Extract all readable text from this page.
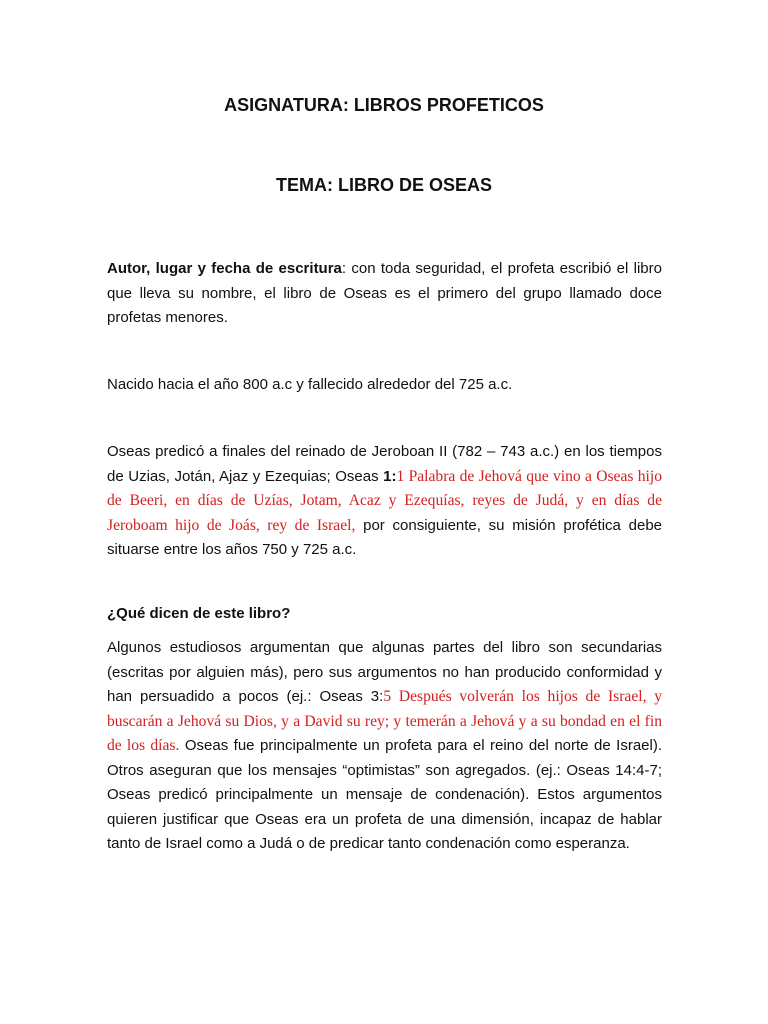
ASIGNATURA: LIBROS PROFETICOS
TEMA: LIBRO DE OSEAS
Autor, lugar y fecha de escritura: con toda seguridad, el profeta escribió el libro que lleva su nombre, el libro de Oseas es el primero del grupo llamado doce profetas menores.
Nacido hacia el año 800 a.c y fallecido alrededor del 725 a.c.
Oseas predicó a finales del reinado de Jeroboan II (782 – 743 a.c.) en los tiempos de Uzias, Jotán, Ajaz y Ezequias; Oseas 1:1 Palabra de Jehová que vino a Oseas hijo de Beeri, en días de Uzías, Jotam, Acaz y Ezequías, reyes de Judá, y en días de Jeroboam hijo de Joás, rey de Israel, por consiguiente, su misión profética debe situarse entre los años 750 y 725 a.c.
¿Qué dicen de este libro?
Algunos estudiosos argumentan que algunas partes del libro son secundarias (escritas por alguien más), pero sus argumentos no han producido conformidad y han persuadido a pocos (ej.: Oseas 3:5 Después volverán los hijos de Israel, y buscarán a Jehová su Dios, y a David su rey; y temerán a Jehová y a su bondad en el fin de los días. Oseas fue principalmente un profeta para el reino del norte de Israel). Otros aseguran que los mensajes “optimistas” son agregados. (ej.: Oseas 14:4-7; Oseas predicó principalmente un mensaje de condenación). Estos argumentos quieren justificar que Oseas era un profeta de una dimensión, incapaz de hablar tanto de Israel como a Judá o de predicar tanto condenación como esperanza.
